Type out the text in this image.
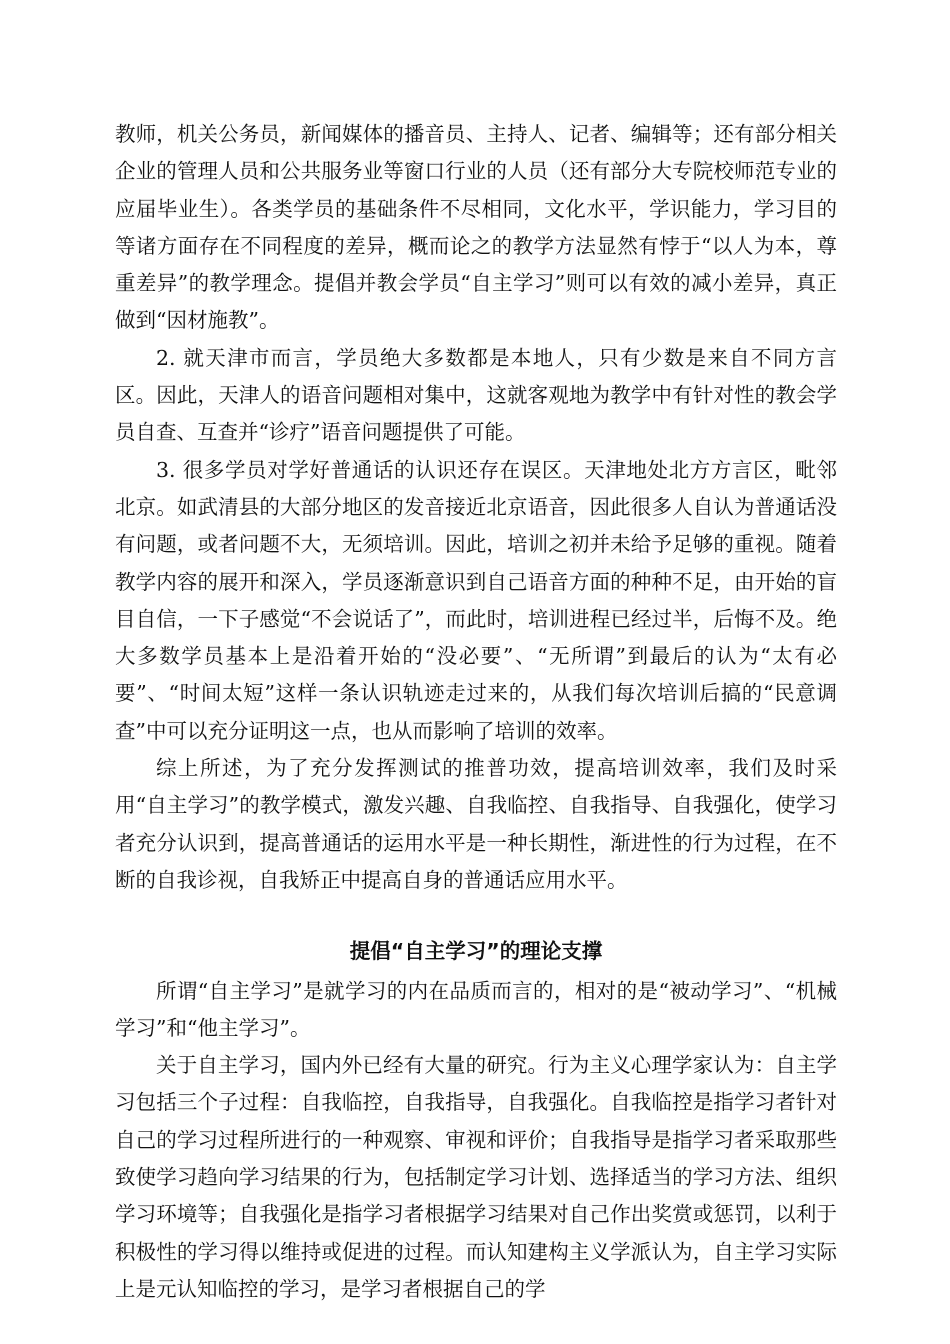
教师，机关公务员，新闻媒体的播音员、主持人、记者、编辑等；还有部分相关企业的管理人员和公共服务业等窗口行业的人员（还有部分大专院校师范专业的应届毕业生）。各类学员的基础条件不尽相同，文化水平，学识能力，学习目的等诸方面存在不同程度的差异，概而论之的教学方法显然有悖于“以人为本，尊重差异”的教学理念。提倡并教会学员“自主学习”则可以有效的减小差异，真正做到“因材施教”。

2. 就天津市而言，学员绝大多数都是本地人，只有少数是来自不同方言区。因此，天津人的语音问题相对集中，这就客观地为教学中有针对性的教会学员自查、互查并“诊疗”语音问题提供了可能。

3. 很多学员对学好普通话的认识还存在误区。天津地处北方方言区，毗邻北京。如武清县的大部分地区的发音接近北京语音，因此很多人自认为普通话没有问题，或者问题不大，无须培训。因此，培训之初并未给予足够的重视。随着教学内容的展开和深入，学员逐渐意识到自己语音方面的种种不足，由开始的盲目自信，一下子感觉“不会说话了”，而此时，培训进程已经过半，后悔不及。绝大多数学员基本上是沿着开始的“没必要”、“无所谓”到最后的认为“太有必要”、“时间太短”这样一条认识轨迹走过来的，从我们每次培训后搞的“民意调查”中可以充分证明这一点，也从而影响了培训的效率。

综上所述，为了充分发挥测试的推普功效，提高培训效率，我们及时采用“自主学习”的教学模式，激发兴趣、自我临控、自我指导、自我强化，使学习者充分认识到，提高普通话的运用水平是一种长期性，渐进性的行为过程，在不断的自我诊视，自我矫正中提高自身的普通话应用水平。

提倡“自主学习”的理论支撑

所谓“自主学习”是就学习的内在品质而言的，相对的是“被动学习”、“机械学习”和“他主学习”。

关于自主学习，国内外已经有大量的研究。行为主义心理学家认为：自主学习包括三个子过程：自我临控，自我指导，自我强化。自我临控是指学习者针对自己的学习过程所进行的一种观察、审视和评价；自我指导是指学习者采取那些致使学习趋向学习结果的行为，包括制定学习计划、选择适当的学习方法、组织学习环境等；自我强化是指学习者根据学习结果对自己作出奖赏或惩罚，以利于积极性的学习得以维持或促进的过程。而认知建构主义学派认为，自主学习实际上是元认知临控的学习，是学习者根据自己的学
